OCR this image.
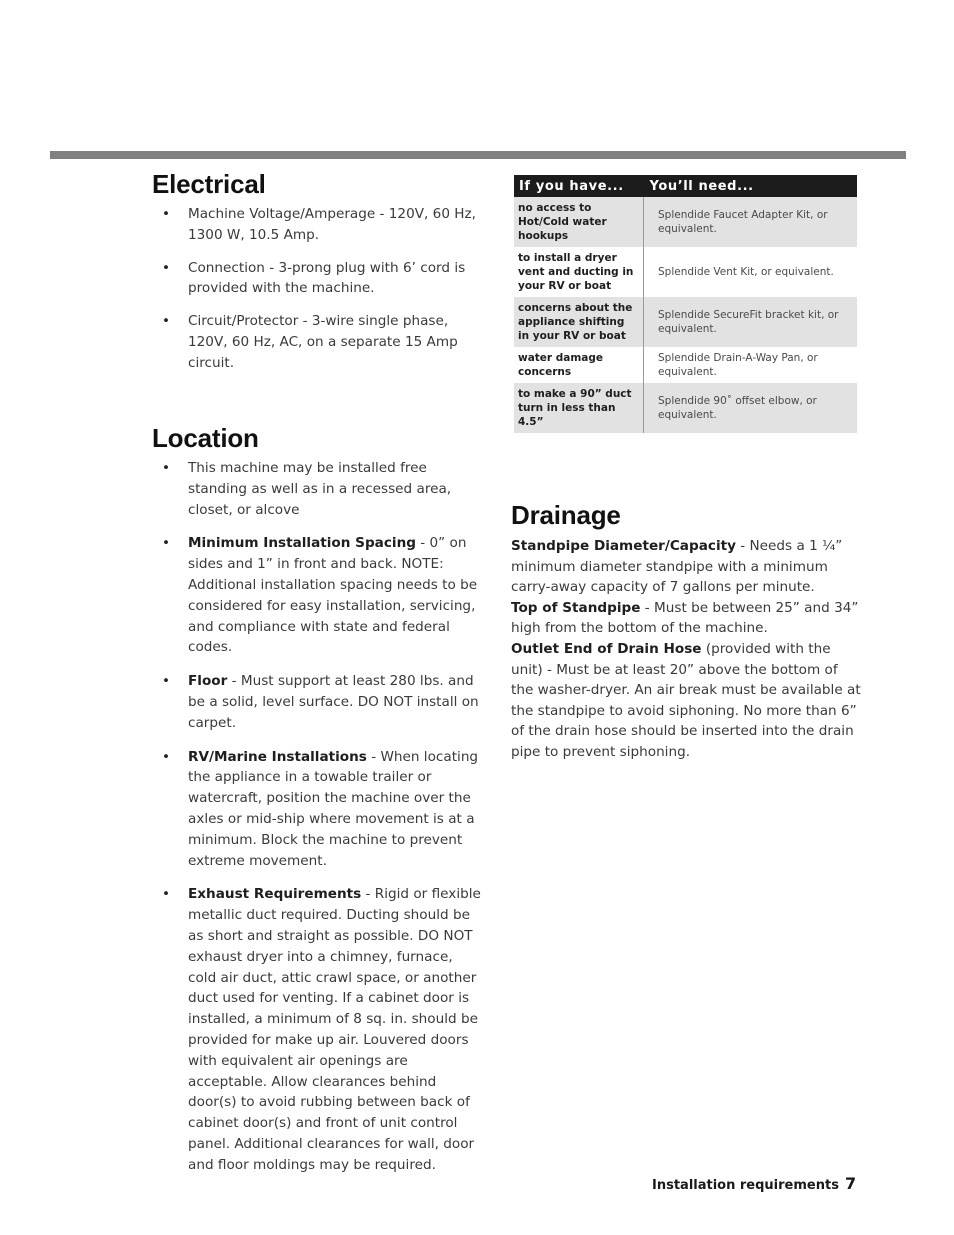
Electrical
• Machine Voltage/Amperage - 120V, 60 Hz, 1300 W, 10.5 Amp.
• Connection - 3-prong plug with 6’ cord is provided with the machine.
• Circuit/Protector - 3-wire single phase, 120V, 60 Hz, AC, on a separate 15 Amp circuit.
If you have...	You’ll need...
no access to Hot/Cold water hookups	Splendide Faucet Adapter Kit, or equivalent.
to install a dryer vent and ducting in your RV or boat	Splendide Vent Kit, or equivalent.
concerns about the appliance shifting in your RV or boat	Splendide SecureFit bracket kit, or equivalent.
water damage concerns	Splendide Drain-A-Way Pan, or equivalent.
to make a 90” duct turn in less than 4.5”	Splendide 90˚ offset elbow, or equivalent.
Location
• This machine may be installed free standing as well as in a recessed area, closet, or alcove
• Minimum Installation Spacing - 0” on sides and 1” in front and back. NOTE: Additional installation spacing needs to be considered for easy installation, servicing, and compliance with state and federal codes.
• Floor - Must support at least 280 lbs. and be a solid, level surface. DO NOT install on carpet.
• RV/Marine Installations - When locating the appliance in a towable trailer or watercraft, position the machine over the axles or mid-ship where movement is at a minimum. Block the machine to prevent extreme movement.
• Exhaust Requirements - Rigid or flexible metallic duct required. Ducting should be as short and straight as possible. DO NOT exhaust dryer into a chimney, furnace, cold air duct, attic crawl space, or another duct used for venting. If a cabinet door is installed, a minimum of 8 sq. in. should be provided for make up air. Louvered doors with equivalent air openings are acceptable. Allow clearances behind door(s) to avoid rubbing between back of cabinet door(s) and front of unit control panel. Additional clearances for wall, door and floor moldings may be required.
Drainage

Standpipe Diameter/Capacity - Needs a 1 ¼” minimum diameter standpipe with a minimum carry-away capacity of 7 gallons per minute.

Top of Standpipe - Must be between 25” and 34” high from the bottom of the machine.

Outlet End of Drain Hose (provided with the unit) - Must be at least 20” above the bottom of the washer-dryer. An air break must be available at the standpipe to avoid siphoning. No more than 6” of the drain hose should be inserted into the drain pipe to prevent siphoning.

Installation requirements 7
